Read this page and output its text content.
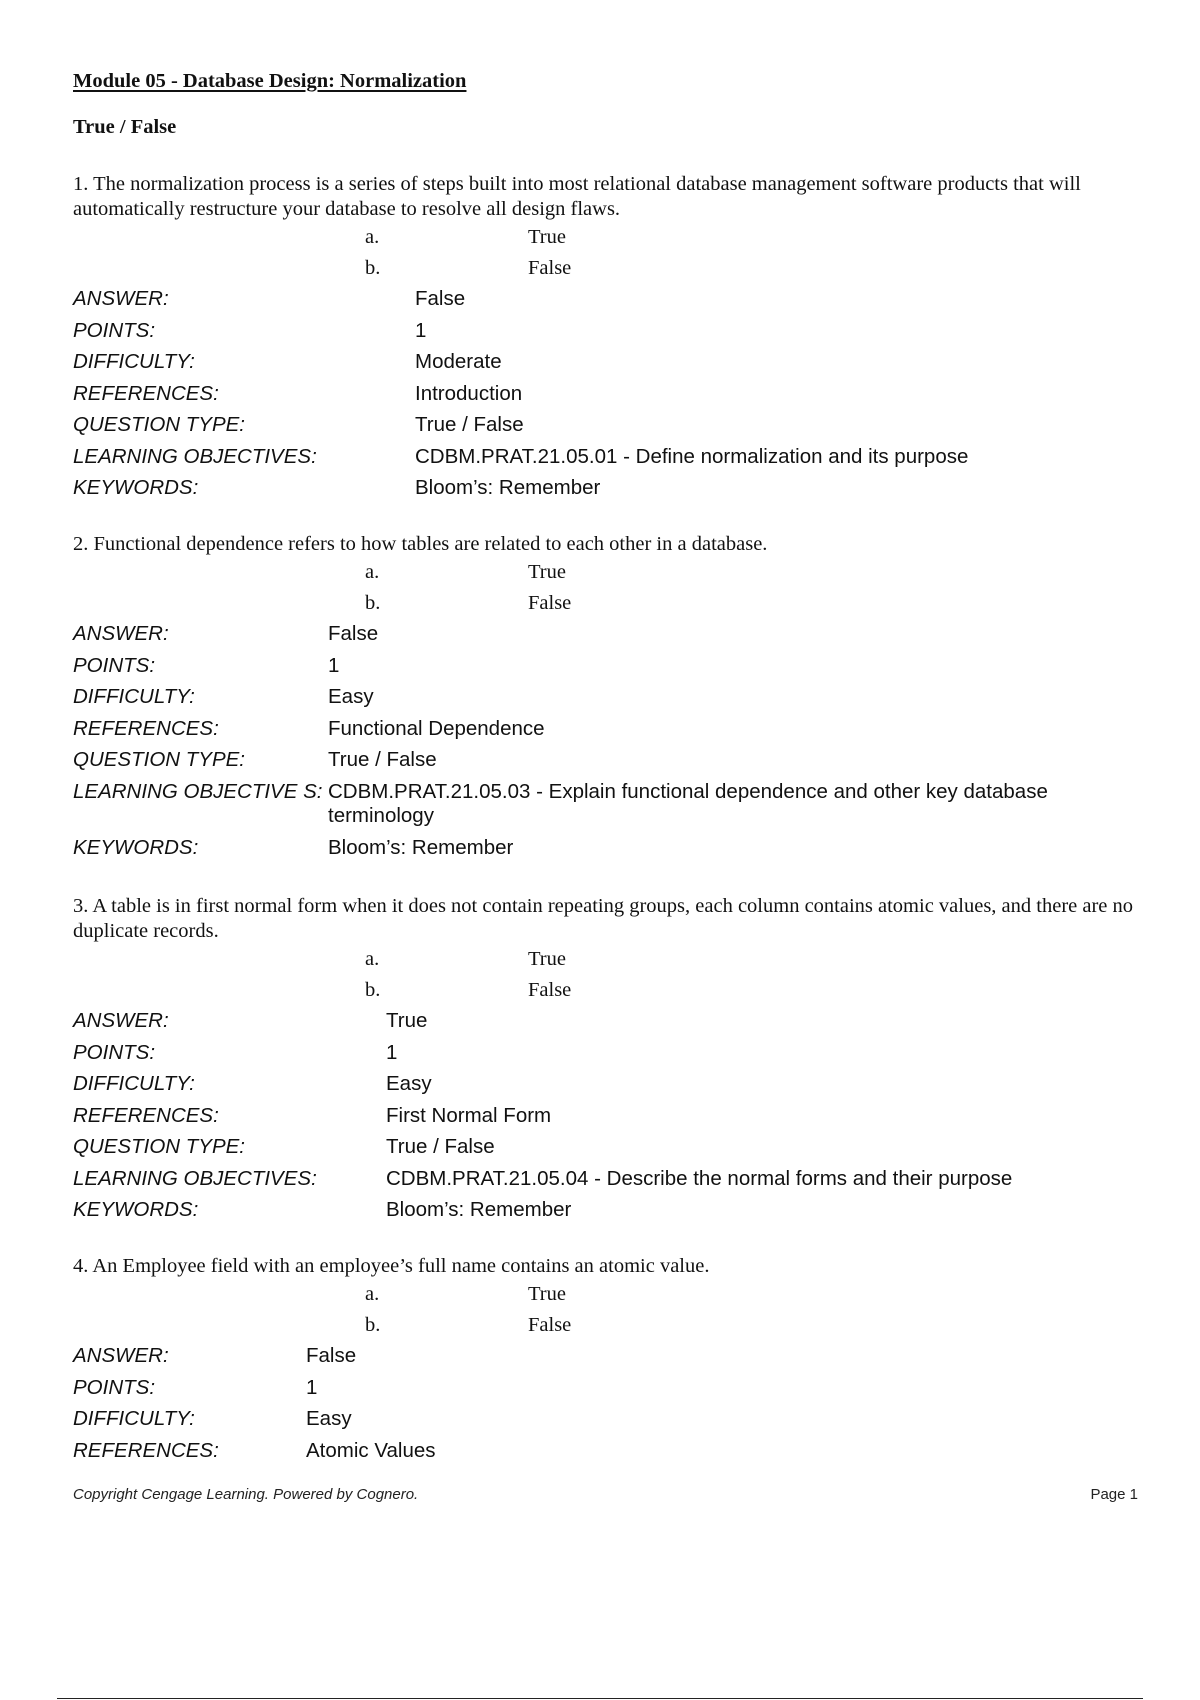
Module 05 - Database Design: Normalization
True / False

1. The normalization process is a series of steps built into most relational database management software products that will automatically restructure your database to resolve all design flaws.

a.	True
b.	False
ANSWER:	False
POINTS:	1
DIFFICULTY:	Moderate
REFERENCES:	Introduction
QUESTION TYPE:	True / False
LEARNING OBJECTIVES:	CDBM.PRAT.21.05.01 - Define normalization and its purpose
KEYWORDS:	Bloom’s: Remember

2. Functional dependence refers to how tables are related to each other in a database.

a.	True
b.	False
ANSWER:	False
POINTS:	1
DIFFICULTY:	Easy
REFERENCES:	Functional Dependence
QUESTION TYPE:	True / False
LEARNING OBJECTIVE S: CDBM.PRAT.21.05.03 - Explain functional dependence and other key database terminology
KEYWORDS:	Bloom’s: Remember

3. A table is in first normal form when it does not contain repeating groups, each column contains atomic values, and there are no duplicate records.

a.	True
b.	False
ANSWER:	True
POINTS:	1
DIFFICULTY:	Easy
REFERENCES:	First Normal Form
QUESTION TYPE:	True / False
LEARNING OBJECTIVES:	CDBM.PRAT.21.05.04 - Describe the normal forms and their purpose
KEYWORDS:	Bloom’s: Remember

4. An Employee field with an employee’s full name contains an atomic value.

a.	True
b.	False
ANSWER:	False
POINTS:	1
DIFFICULTY:	Easy
REFERENCES:	Atomic Values
Copyright Cengage Learning. Powered by Cognero.	Page 1
